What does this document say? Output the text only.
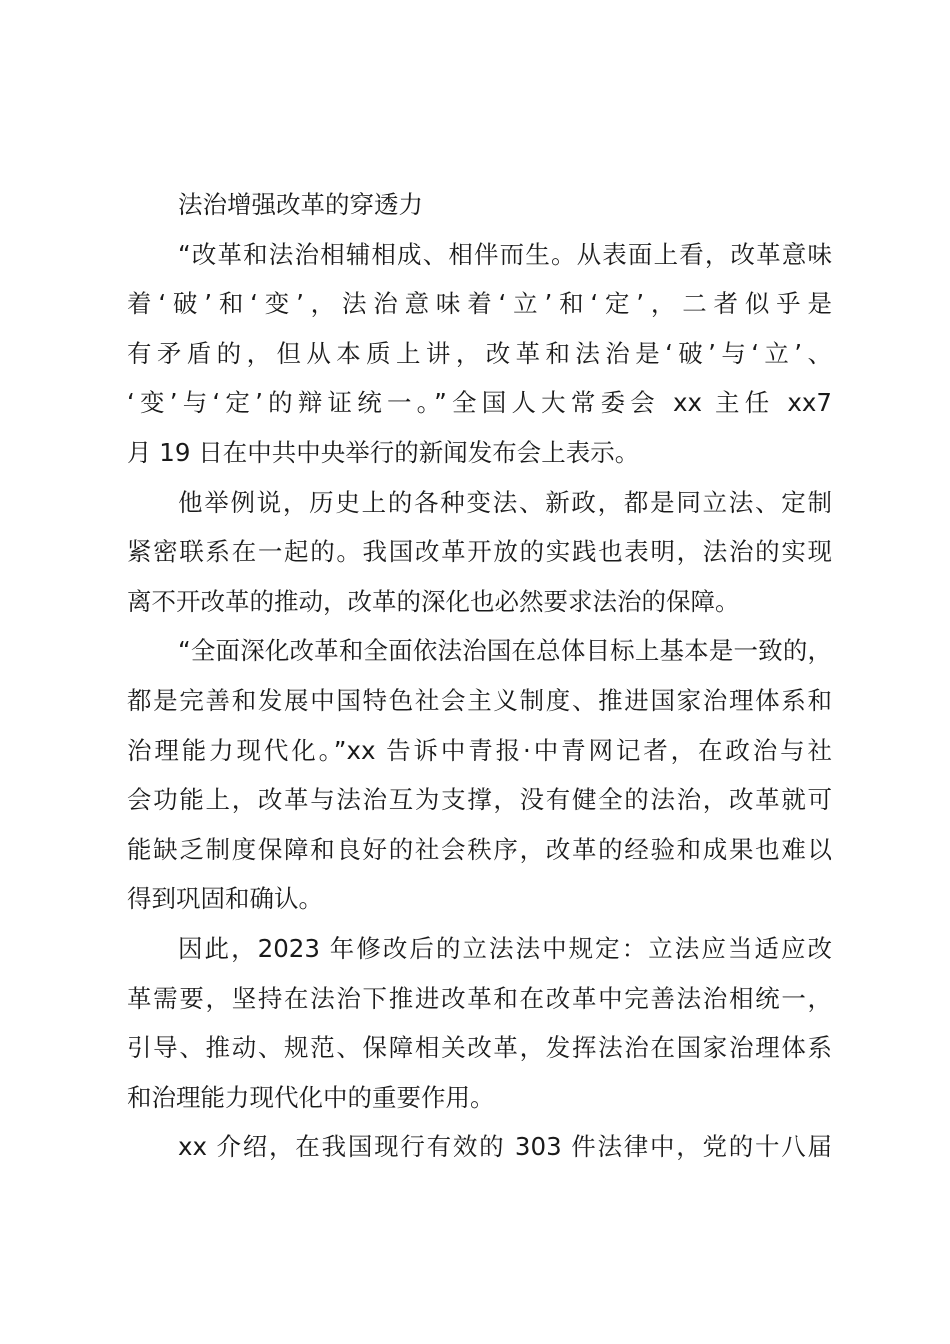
法治增强改革的穿透力
“改革和法治相辅相成、相伴而生。从表面上看，改革意味
着‘破’和‘变’，法治意味着‘立’和‘定’，二者似乎是
有矛盾的，但从本质上讲，改革和法治是‘破’与‘立’、
‘变’与‘定’的辩证统一。”全国人大常委会 xx 主任 xx7
月 19 日在中共中央举行的新闻发布会上表示。
他举例说，历史上的各种变法、新政，都是同立法、定制
紧密联系在一起的。我国改革开放的实践也表明，法治的实现
离不开改革的推动，改革的深化也必然要求法治的保障。
“全面深化改革和全面依法治国在总体目标上基本是一致的，
都是完善和发展中国特色社会主义制度、推进国家治理体系和
治理能力现代化。”xx 告诉中青报·中青网记者，在政治与社
会功能上，改革与法治互为支撑，没有健全的法治，改革就可
能缺乏制度保障和良好的社会秩序，改革的经验和成果也难以
得到巩固和确认。
因此，2023 年修改后的立法法中规定：立法应当适应改
革需要，坚持在法治下推进改革和在改革中完善法治相统一，
引导、推动、规范、保障相关改革，发挥法治在国家治理体系
和治理能力现代化中的重要作用。
xx 介绍，在我国现行有效的 303 件法律中，党的十八届
